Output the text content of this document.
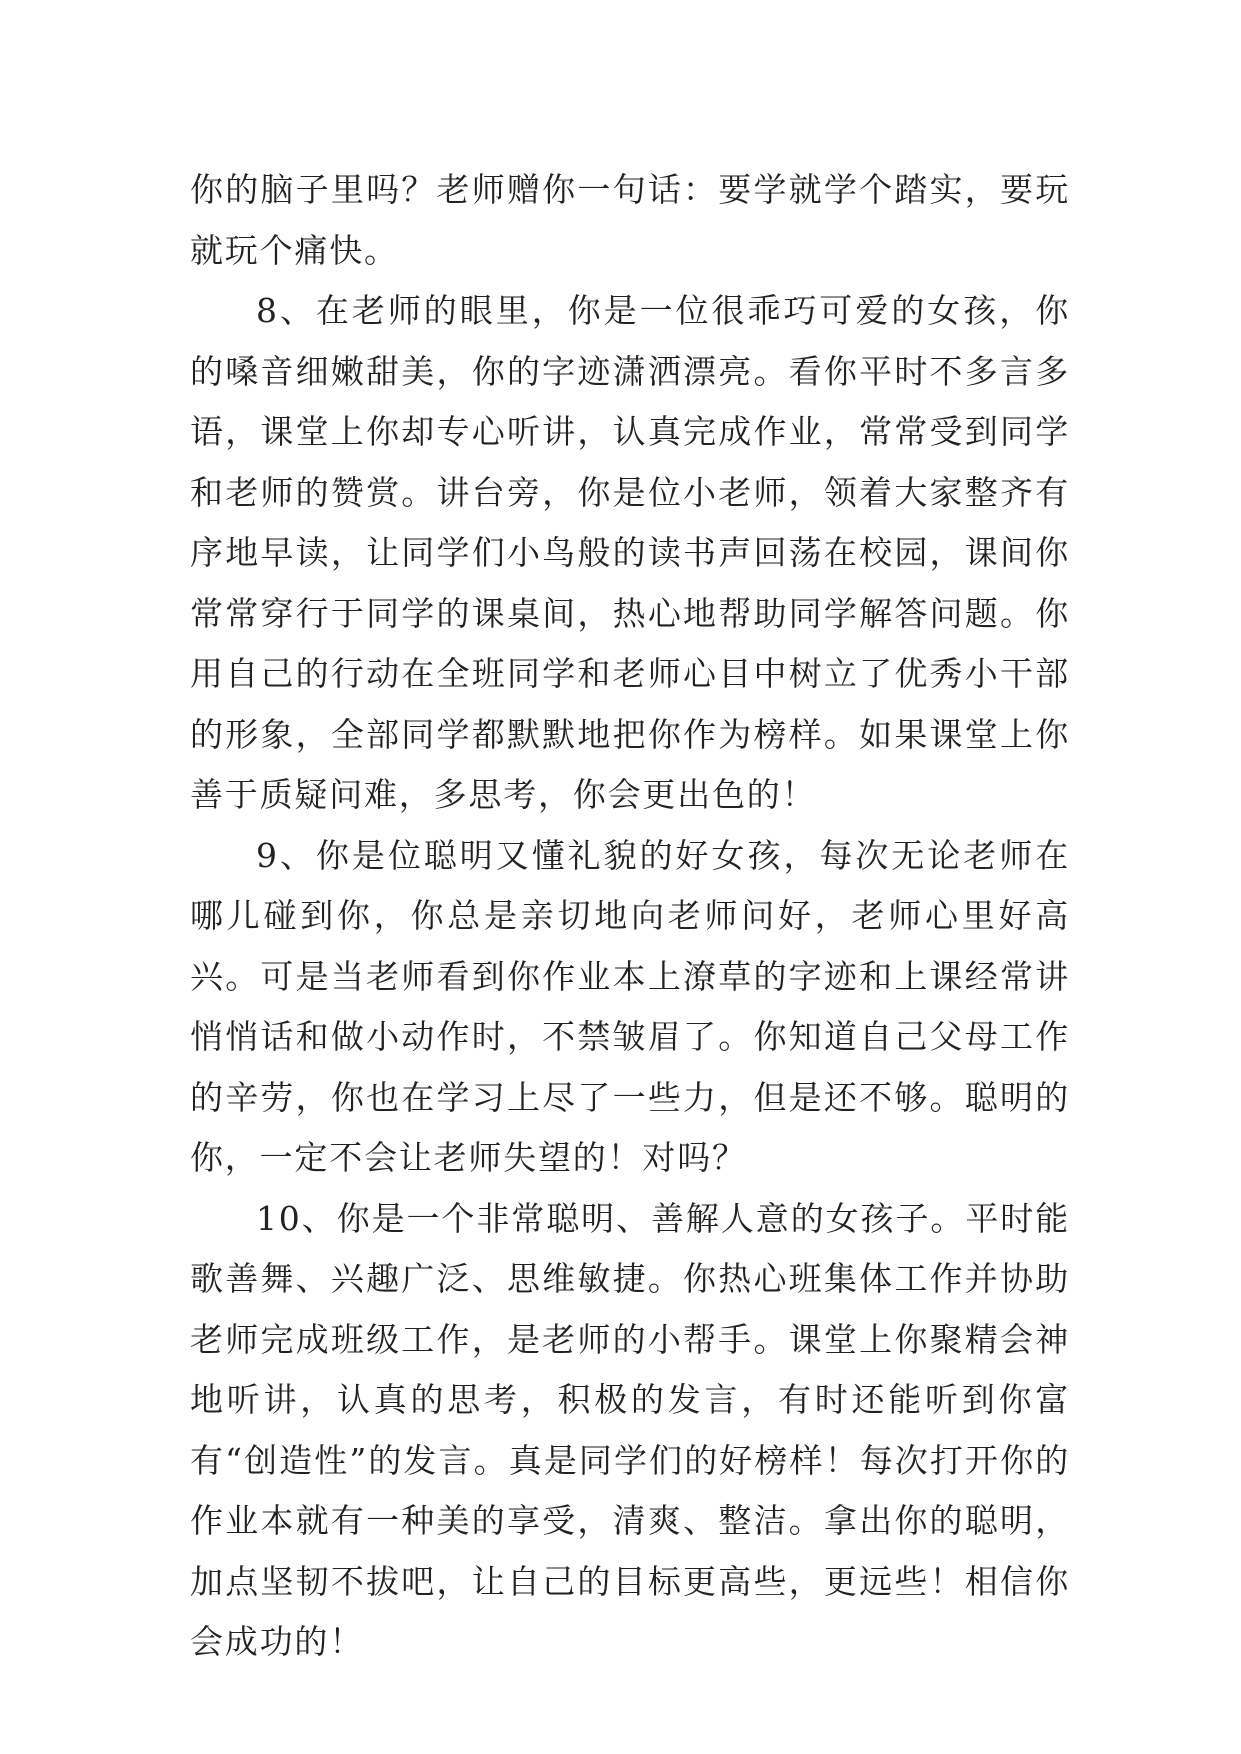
你的脑子里吗？老师赠你一句话：要学就学个踏实，要玩就玩个痛快。

8、在老师的眼里，你是一位很乖巧可爱的女孩，你的嗓音细嫩甜美，你的字迹潇洒漂亮。看你平时不多言多语，课堂上你却专心听讲，认真完成作业，常常受到同学和老师的赞赏。讲台旁，你是位小老师，领着大家整齐有序地早读，让同学们小鸟般的读书声回荡在校园，课间你常常穿行于同学的课桌间，热心地帮助同学解答问题。你用自己的行动在全班同学和老师心目中树立了优秀小干部的形象，全部同学都默默地把你作为榜样。如果课堂上你善于质疑问难，多思考，你会更出色的！

9、你是位聪明又懂礼貌的好女孩，每次无论老师在哪儿碰到你，你总是亲切地向老师问好，老师心里好高兴。可是当老师看到你作业本上潦草的字迹和上课经常讲悄悄话和做小动作时，不禁皱眉了。你知道自己父母工作的辛劳，你也在学习上尽了一些力，但是还不够。聪明的你，一定不会让老师失望的！对吗？

10、你是一个非常聪明、善解人意的女孩子。平时能歌善舞、兴趣广泛、思维敏捷。你热心班集体工作并协助老师完成班级工作，是老师的小帮手。课堂上你聚精会神地听讲，认真的思考，积极的发言，有时还能听到你富有“创造性”的发言。真是同学们的好榜样！每次打开你的作业本就有一种美的享受，清爽、整洁。拿出你的聪明，加点坚韧不拔吧，让自己的目标更高些，更远些！相信你会成功的！
